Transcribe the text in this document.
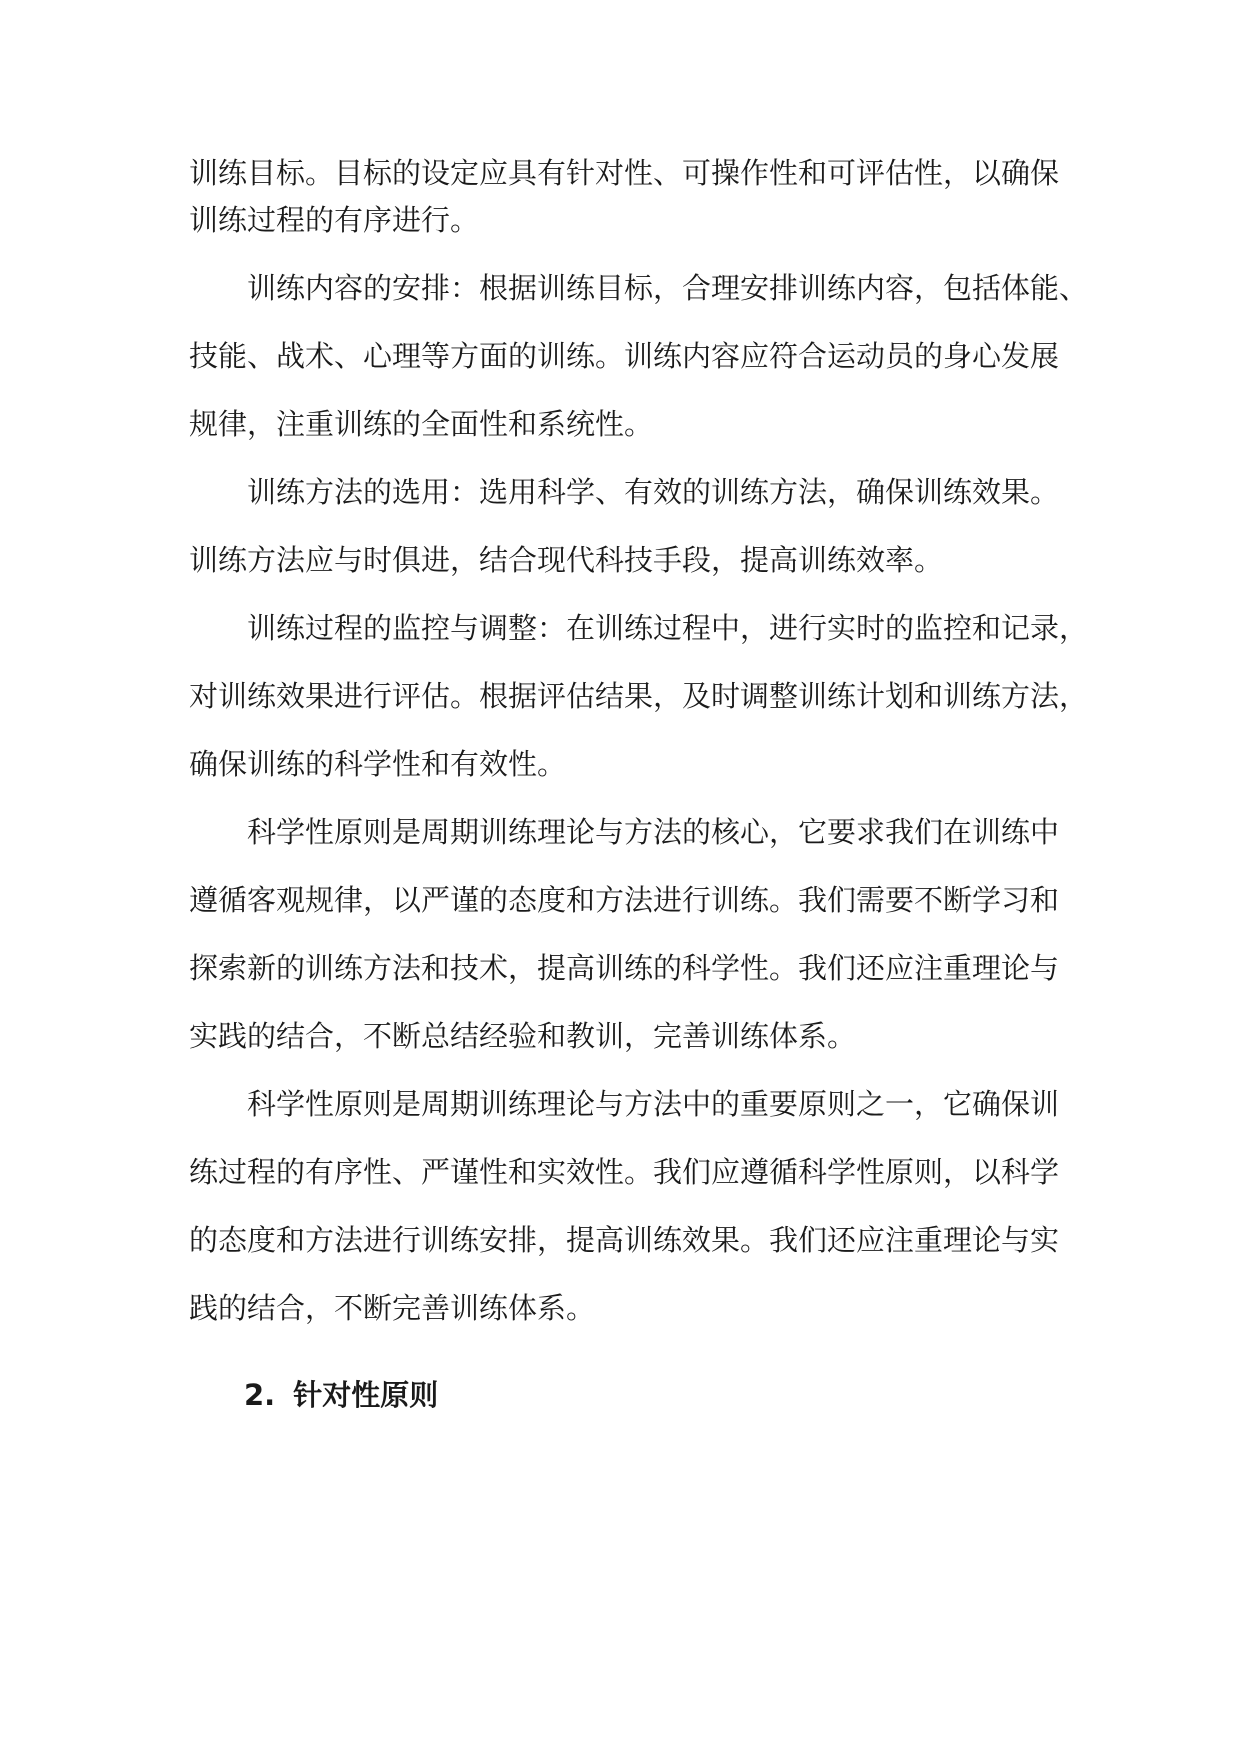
训练目标。目标的设定应具有针对性、可操作性和可评估性，以确保
训练过程的有序进行。
训练内容的安排：根据训练目标，合理安排训练内容，包括体能、
技能、战术、心理等方面的训练。训练内容应符合运动员的身心发展
规律，注重训练的全面性和系统性。
训练方法的选用：选用科学、有效的训练方法，确保训练效果。
训练方法应与时俱进，结合现代科技手段，提高训练效率。
训练过程的监控与调整：在训练过程中，进行实时的监控和记录，
对训练效果进行评估。根据评估结果，及时调整训练计划和训练方法，
确保训练的科学性和有效性。
科学性原则是周期训练理论与方法的核心，它要求我们在训练中
遵循客观规律，以严谨的态度和方法进行训练。我们需要不断学习和
探索新的训练方法和技术，提高训练的科学性。我们还应注重理论与
实践的结合，不断总结经验和教训，完善训练体系。
科学性原则是周期训练理论与方法中的重要原则之一，它确保训
练过程的有序性、严谨性和实效性。我们应遵循科学性原则，以科学
的态度和方法进行训练安排，提高训练效果。我们还应注重理论与实
践的结合，不断完善训练体系。
2. 针对性原则
